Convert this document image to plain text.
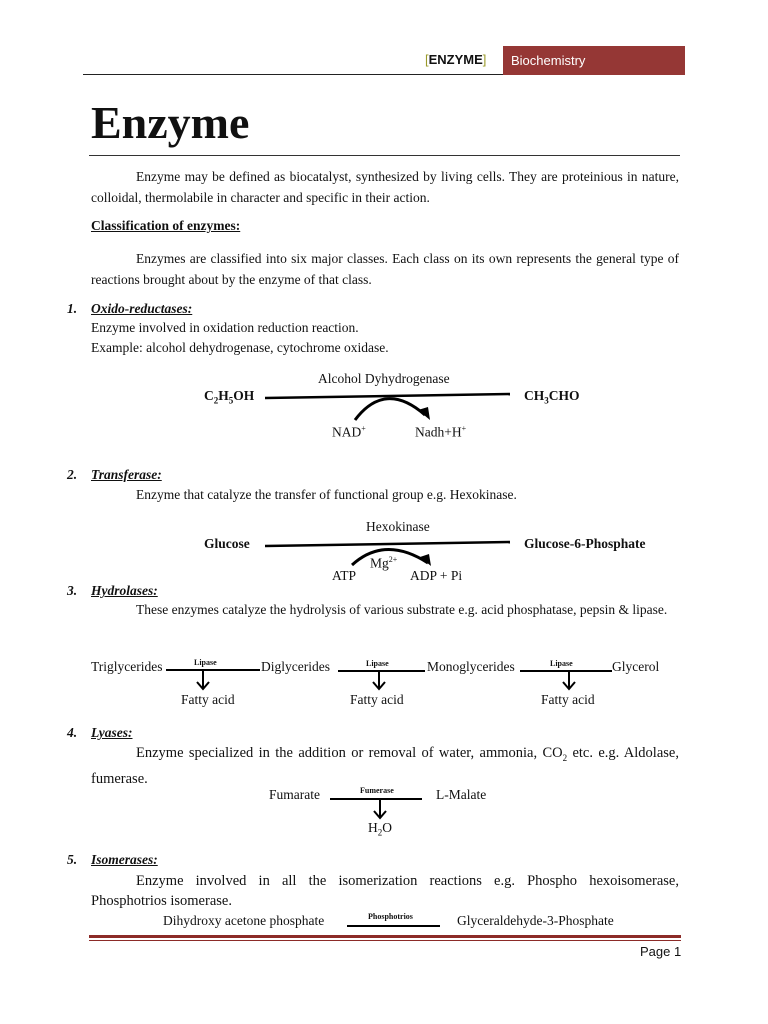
[ENZYME]	Biochemistry
Enzyme
Enzyme may be defined as biocatalyst, synthesized by living cells. They are proteinious in nature, colloidal, thermolabile in character and specific in their action.
Classification of enzymes:
Enzymes are classified into six major classes. Each class on its own represents the general type of reactions brought about by the enzyme of that class.
1. Oxido-reductases:
Enzyme involved in oxidation reduction reaction.
Example: alcohol dehydrogenase, cytochrome oxidase.
Alcohol Dyhydrogenase
$C_2H_5OH$	$CH_3CHO$
NAD+	Nadh+H+
2. Transferase:
Enzyme that catalyze the transfer of functional group e.g. Hexokinase.
Hexokinase
Glucose	Glucose-6-Phosphate
$Mg^{2+}$
ATP	ADP + Pi
3. Hydrolases:
These enzymes catalyze the hydrolysis of various substrate e.g. acid phosphatase, pepsin & lipase.
Triglycerides	Lipase	Diglycerides	Lipase	Monoglycerides	Lipase	Glycerol
Fatty acid	Fatty acid	Fatty acid
4. Lyases:
Enzyme specialized in the addition or removal of water, ammonia, $CO_2$ etc. e.g. Aldolase, fumerase.
Fumarate	Fumerase	L-Malate
$H_2O$
5. Isomerases:
Enzyme involved in all the isomerization reactions e.g. Phospho hexoisomerase, Phosphotrios isomerase.
Dihydroxy acetone phosphate	Phosphotrios	Glyceraldehyde-3-Phosphate
Page 1
